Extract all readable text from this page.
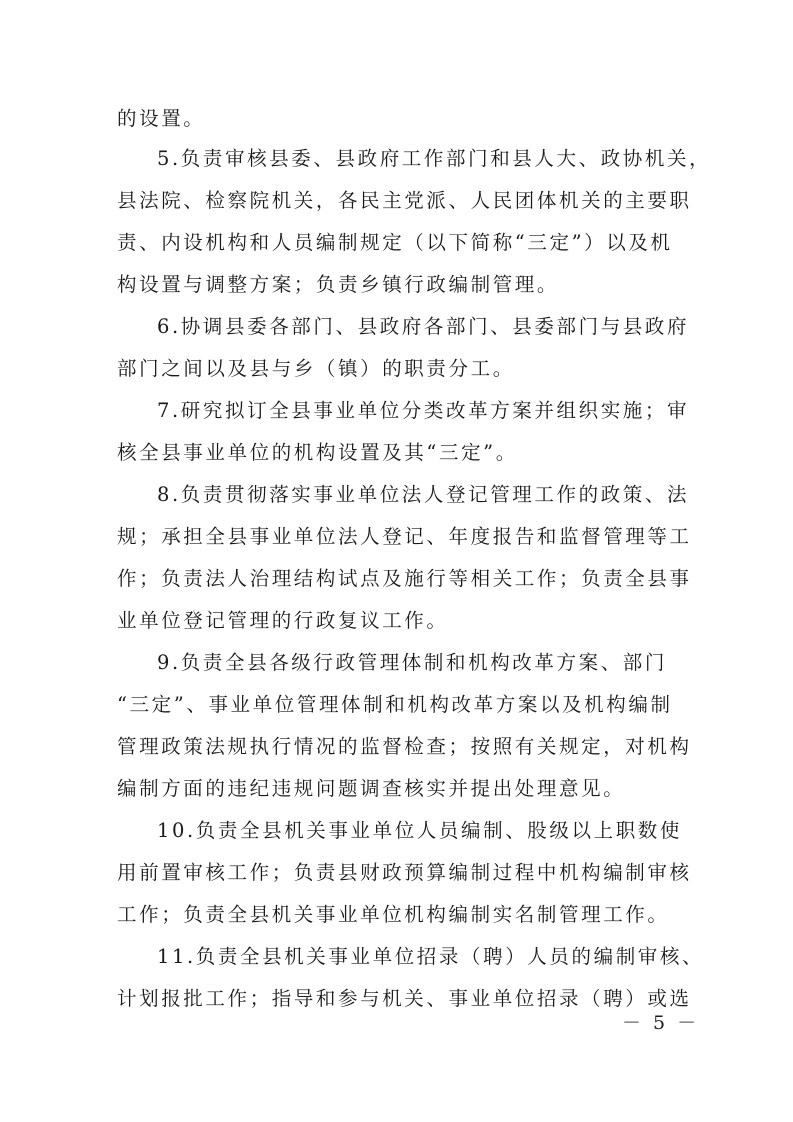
的设置。
5.负责审核县委、县政府工作部门和县人大、政协机关，
县法院、检察院机关，各民主党派、人民团体机关的主要职
责、内设机构和人员编制规定（以下简称“三定”）以及机
构设置与调整方案；负责乡镇行政编制管理。
6.协调县委各部门、县政府各部门、县委部门与县政府
部门之间以及县与乡（镇）的职责分工。
7.研究拟订全县事业单位分类改革方案并组织实施；审
核全县事业单位的机构设置及其“三定”。
8.负责贯彻落实事业单位法人登记管理工作的政策、法
规；承担全县事业单位法人登记、年度报告和监督管理等工
作；负责法人治理结构试点及施行等相关工作；负责全县事
业单位登记管理的行政复议工作。
9.负责全县各级行政管理体制和机构改革方案、部门
“三定”、事业单位管理体制和机构改革方案以及机构编制
管理政策法规执行情况的监督检查；按照有关规定，对机构
编制方面的违纪违规问题调查核实并提出处理意见。
10.负责全县机关事业单位人员编制、股级以上职数使
用前置审核工作；负责县财政预算编制过程中机构编制审核
工作；负责全县机关事业单位机构编制实名制管理工作。
11.负责全县机关事业单位招录（聘）人员的编制审核、
计划报批工作；指导和参与机关、事业单位招录（聘）或选
－ 5 －
